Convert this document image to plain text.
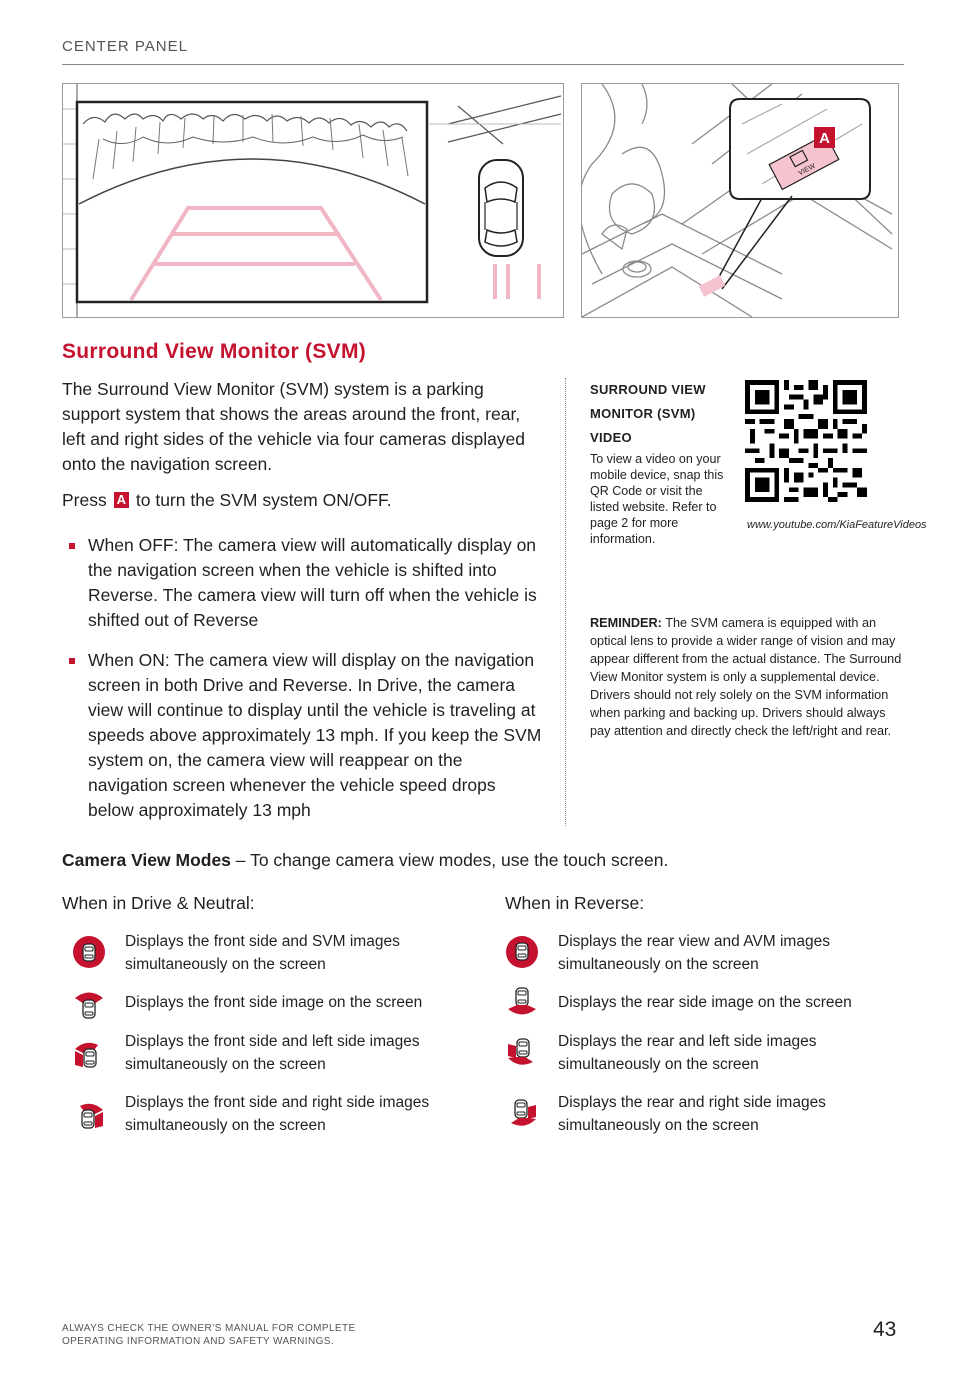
CENTER PANEL
VIEW
A
Surround View Monitor (SVM)
The Surround View Monitor (SVM) system is a parking support system that shows the areas around the front, rear, left and right sides of the vehicle via four cameras displayed onto the navigation screen.
Press A to turn the SVM system ON/OFF.
When OFF: The camera view will automatically display on the navigation screen when the vehicle is shifted into Reverse. The camera view will turn off when the vehicle is shifted out of Reverse
When ON: The camera view will display on the navigation screen in both Drive and Reverse. In Drive, the camera view will continue to display until the vehicle is traveling at speeds above approximately 13 mph. If you keep the SVM system on, the camera view will reappear on the navigation screen whenever the vehicle speed drops below approximately 13 mph
SURROUND VIEW MONITOR (SVM) VIDEO
To view a video on your mobile device, snap this QR Code or visit the listed website. Refer to page 2 for more information.
www.youtube.com/KiaFeatureVideos
REMINDER: The SVM camera is equipped with an optical lens to provide a wider range of vision and may appear different from the actual distance. The Surround View Monitor system is only a supplemental device. Drivers should not rely solely on the SVM information when parking and backing up. Drivers should always pay attention and directly check the left/right and rear.
Camera View Modes – To change camera view modes, use the touch screen.
When in Drive & Neutral:	When in Reverse:
Displays the front side and SVM images simultaneously on the screen
Displays the front side image on the screen
Displays the front side and left side images simultaneously on the screen
Displays the front side and right side images simultaneously on the screen
Displays the rear view and AVM images simultaneously on the screen
Displays the rear side image on the screen
Displays the rear and left side images simultaneously on the screen
Displays the rear and right side images simultaneously on the screen
ALWAYS CHECK THE OWNER’S MANUAL FOR COMPLETE
OPERATING INFORMATION AND SAFETY WARNINGS.
43
